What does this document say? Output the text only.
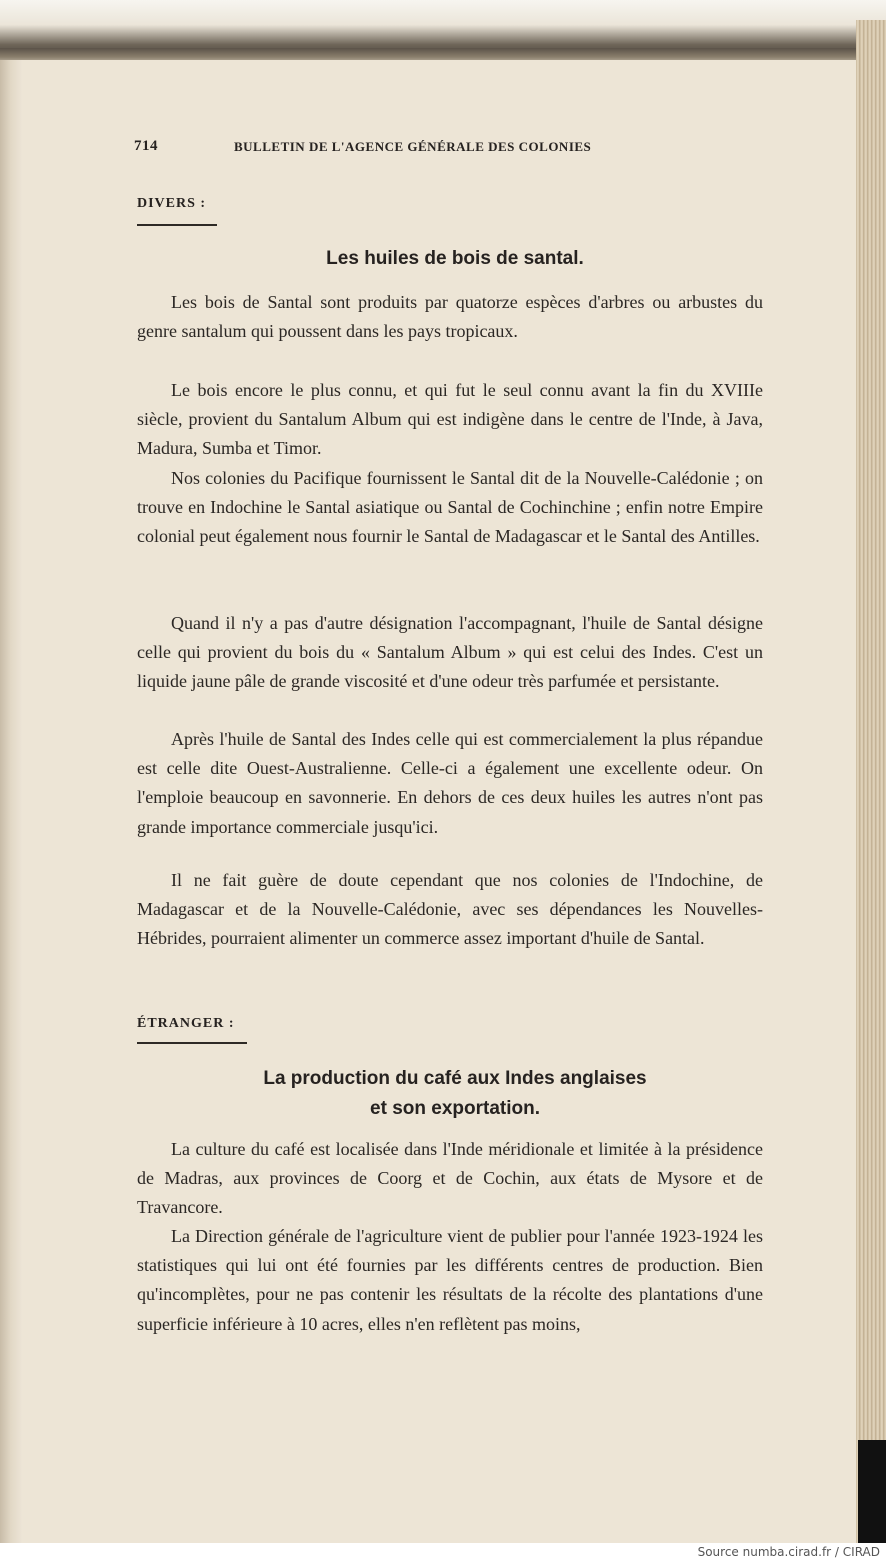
714	BULLETIN DE L'AGENCE GÉNÉRALE DES COLONIES
DIVERS :
Les huiles de bois de santal.

Les bois de Santal sont produits par quatorze espèces d'arbres ou arbustes du genre santalum qui poussent dans les pays tropicaux.

Le bois encore le plus connu, et qui fut le seul connu avant la fin du XVIIIe siècle, provient du Santalum Album qui est indigène dans le centre de l'Inde, à Java, Madura, Sumba et Timor.

Nos colonies du Pacifique fournissent le Santal dit de la Nouvelle-Calédonie ; on trouve en Indochine le Santal asiatique ou Santal de Cochinchine ; enfin notre Empire colonial peut également nous fournir le Santal de Madagascar et le Santal des Antilles.

Quand il n'y a pas d'autre désignation l'accompagnant, l'huile de Santal désigne celle qui provient du bois du « Santalum Album » qui est celui des Indes. C'est un liquide jaune pâle de grande viscosité et d'une odeur très parfumée et persistante.

Après l'huile de Santal des Indes celle qui est commercialement la plus répandue est celle dite Ouest-Australienne. Celle-ci a également une excellente odeur. On l'emploie beaucoup en savonnerie. En dehors de ces deux huiles les autres n'ont pas grande importance commerciale jusqu'ici.

Il ne fait guère de doute cependant que nos colonies de l'Indochine, de Madagascar et de la Nouvelle-Calédonie, avec ses dépendances les Nouvelles-Hébrides, pourraient alimenter un commerce assez important d'huile de Santal.

ÉTRANGER :
La production du café aux Indes anglaises
et son exportation.

La culture du café est localisée dans l'Inde méridionale et limitée à la présidence de Madras, aux provinces de Coorg et de Cochin, aux états de Mysore et de Travancore.

La Direction générale de l'agriculture vient de publier pour l'année 1923-1924 les statistiques qui lui ont été fournies par les différents centres de production. Bien qu'incomplètes, pour ne pas contenir les résultats de la récolte des plantations d'une superficie inférieure à 10 acres, elles n'en reflètent pas moins,

Source numba.cirad.fr / CIRAD
